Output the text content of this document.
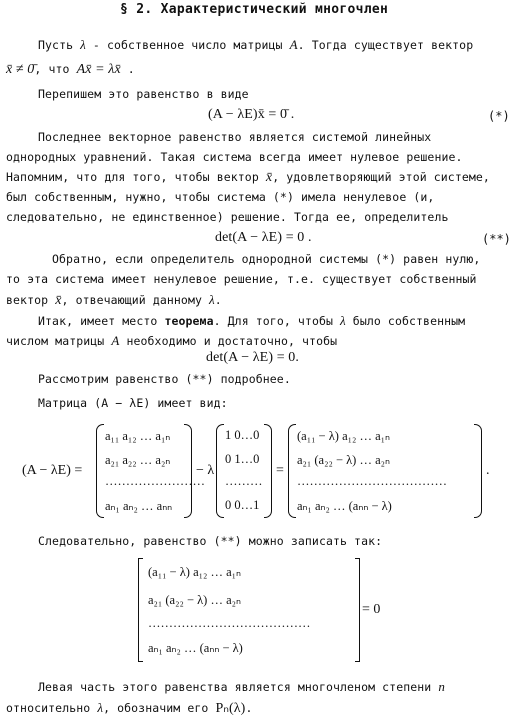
§ 2. Характеристический многочлен
Пусть λ - собственное число матрицы A. Тогда существует вектор
x̄ ≠ 0̄, что Ax̄ = λx̄ .
Перепишем это равенство в виде
(A − λE)x̄ = 0̄ .	(*)
Последнее векторное равенство является системой линейных
однородных уравнений. Такая система всегда имеет нулевое решение.
Напомним, что для того, чтобы вектор x̄, удовлетворяющий этой системе,
был собственным, нужно, чтобы система (*) имела ненулевое (и,
следовательно, не единственное) решение. Тогда ее, определитель
det(A − λE) = 0 .	(**)
Обратно, если определитель однородной системы (*) равен нулю,
то эта система имеет ненулевое решение, т.е. существует собственный
вектор x̄, отвечающий данному λ.
Итак, имеет место теорема. Для того, чтобы λ было собственным
числом матрицы A необходимо и достаточно, чтобы
det(A − λE) = 0.
Рассмотрим равенство (**) подробнее.
Матрица (A − λE) имеет вид:
(A − λE) =
a₁₁ a₁₂ … a₁ₙ
a₂₁ a₂₂ … a₂ₙ
……………………
aₙ₁ aₙ₂ … aₙₙ
− λ
1 0…0
0 1…0
………
0 0…1
=
(a₁₁ − λ) a₁₂ … a₁ₙ
a₂₁ (a₂₂ − λ) … a₂ₙ
………………………………
aₙ₁ aₙ₂ … (aₙₙ − λ)
.
Следовательно, равенство (**) можно записать так:
(a₁₁ − λ) a₁₂ … a₁ₙ
a₂₁ (a₂₂ − λ) … a₂ₙ
…………………………………
aₙ₁ aₙ₂ … (aₙₙ − λ)
= 0
Левая часть этого равенства является многочленом степени n
относительно λ, обозначим его Pₙ(λ).
